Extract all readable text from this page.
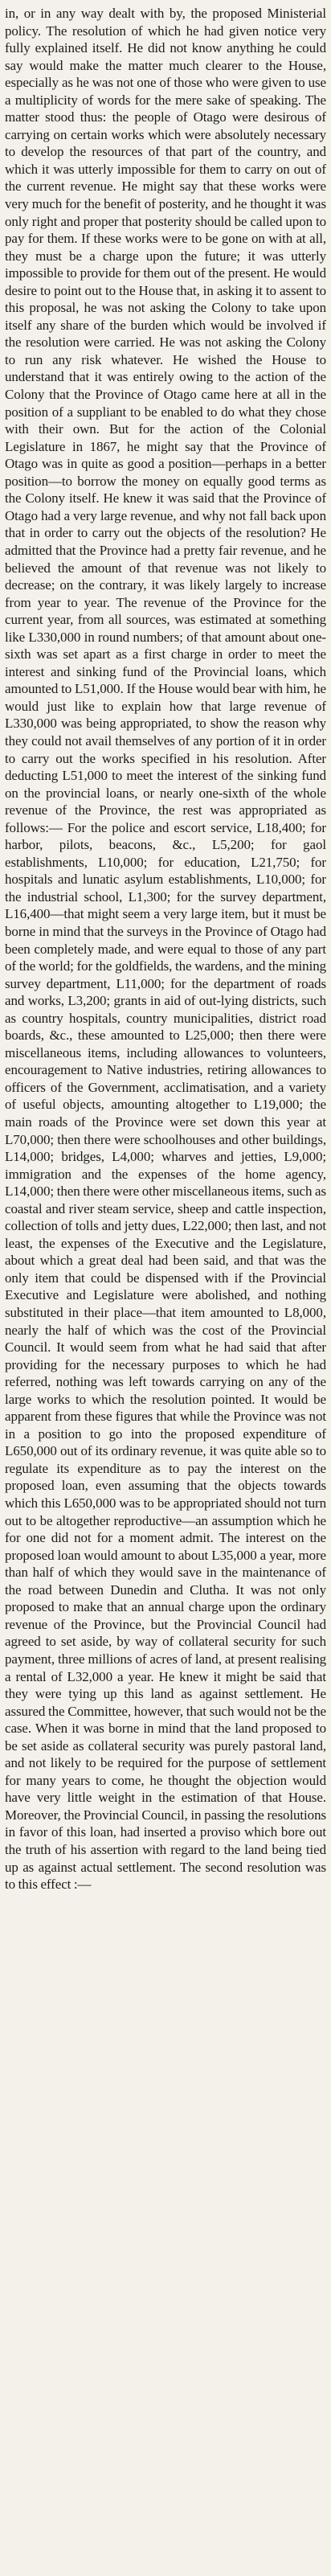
in, or in any way dealt with by, the proposed Ministerial policy. The resolution of which he had given notice very fully explained itself. He did not know anything he could say would make the matter much clearer to the House, especially as he was not one of those who were given to use a multiplicity of words for the mere sake of speaking. The matter stood thus: the people of Otago were desirous of carrying on certain works which were absolutely necessary to develop the resources of that part of the country, and which it was utterly impossible for them to carry on out of the current revenue. He might say that these works were very much for the benefit of posterity, and he thought it was only right and proper that posterity should be called upon to pay for them. If these works were to be gone on with at all, they must be a charge upon the future; it was utterly impossible to provide for them out of the present. He would desire to point out to the House that, in asking it to assent to this proposal, he was not asking the Colony to take upon itself any share of the burden which would be involved if the resolution were carried. He was not asking the Colony to run any risk whatever. He wished the House to understand that it was entirely owing to the action of the Colony that the Province of Otago came here at all in the position of a suppliant to be enabled to do what they chose with their own. But for the action of the Colonial Legislature in 1867, he might say that the Province of Otago was in quite as good a position—perhaps in a better position—to borrow the money on equally good terms as the Colony itself. He knew it was said that the Province of Otago had a very large revenue, and why not fall back upon that in order to carry out the objects of the resolution? He admitted that the Province had a pretty fair revenue, and he believed the amount of that revenue was not likely to decrease; on the contrary, it was likely largely to increase from year to year. The revenue of the Province for the current year, from all sources, was estimated at something like L330,000 in round numbers; of that amount about one-sixth was set apart as a first charge in order to meet the interest and sinking fund of the Provincial loans, which amounted to L51,000. If the House would bear with him, he would just like to explain how that large revenue of L330,000 was being appropriated, to show the reason why they could not avail themselves of any portion of it in order to carry out the works specified in his resolution. After deducting L51,000 to meet the interest of the sinking fund on the provincial loans, or nearly one-sixth of the whole revenue of the Province, the rest was appropriated as follows:— For the police and escort service, L18,400; for harbor, pilots, beacons, &c., L5,200; for gaol establishments, L10,000; for education, L21,750; for hospitals and lunatic asylum establishments, L10,000; for the industrial school, L1,300; for the survey department, L16,400—that might seem a very large item, but it must be borne in mind that the surveys in the Province of Otago had been completely made, and were equal to those of any part of the world; for the goldfields, the wardens, and the mining survey department, L11,000; for the department of roads and works, L3,200; grants in aid of out-lying districts, such as country hospitals, country municipalities, district road boards, &c., these amounted to L25,000; then there were miscellaneous items, including allowances to volunteers, encouragement to Native industries, retiring allowances to officers of the Government, acclimatisation, and a variety of useful objects, amounting altogether to L19,000; the main roads of the Province were set down this year at L70,000; then there were schoolhouses and other buildings, L14,000; bridges, L4,000; wharves and jetties, L9,000; immigration and the expenses of the home agency, L14,000; then there were other miscellaneous items, such as coastal and river steam service, sheep and cattle inspection, collection of tolls and jetty dues, L22,000; then last, and not least, the expenses of the Executive and the Legislature, about which a great deal had been said, and that was the only item that could be dispensed with if the Provincial Executive and Legislature were abolished, and nothing substituted in their place—that item amounted to L8,000, nearly the half of which was the cost of the Provincial Council. It would seem from what he had said that after providing for the necessary purposes to which he had referred, nothing was left towards carrying on any of the large works to which the resolution pointed. It would be apparent from these figures that while the Province was not in a position to go into the proposed expenditure of L650,000 out of its ordinary revenue, it was quite able so to regulate its expenditure as to pay the interest on the proposed loan, even assuming that the objects towards which this L650,000 was to be appropriated should not turn out to be altogether reproductive—an assumption which he for one did not for a moment admit. The interest on the proposed loan would amount to about L35,000 a year, more than half of which they would save in the maintenance of the road between Dunedin and Clutha. It was not only proposed to make that an annual charge upon the ordinary revenue of the Province, but the Provincial Council had agreed to set aside, by way of collateral security for such payment, three millions of acres of land, at present realising a rental of L32,000 a year. He knew it might be said that they were tying up this land as against settlement. He assured the Committee, however, that such would not be the case. When it was borne in mind that the land proposed to be set aside as collateral security was purely pastoral land, and not likely to be required for the purpose of settlement for many years to come, he thought the objection would have very little weight in the estimation of that House. Moreover, the Provincial Council, in passing the resolutions in favor of this loan, had inserted a proviso which bore out the truth of his assertion with regard to the land being tied up as against actual settlement. The second resolution was to this effect :—
